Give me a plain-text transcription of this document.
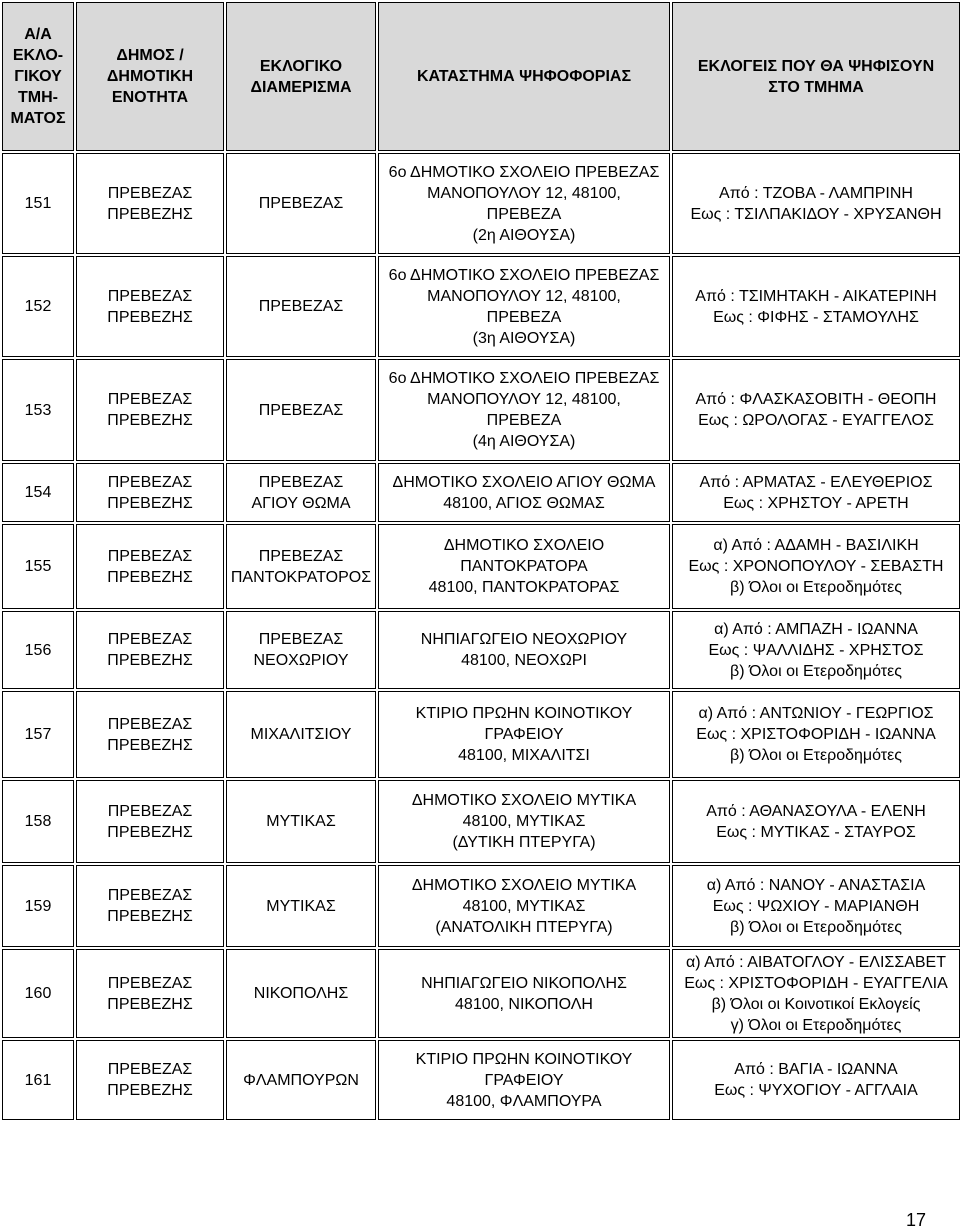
Α/Α
ΕΚΛΟ-
ΓΙΚΟΥ
ΤΜΗ-
ΜΑΤΟΣ	ΔΗΜΟΣ /
ΔΗΜΟΤΙΚΗ
ΕΝΟΤΗΤΑ	ΕΚΛΟΓΙΚΟ
ΔΙΑΜΕΡΙΣΜΑ	ΚΑΤΑΣΤΗΜΑ ΨΗΦΟΦΟΡΙΑΣ	ΕΚΛΟΓΕΙΣ ΠΟΥ ΘΑ ΨΗΦΙΣΟΥΝ
ΣΤΟ ΤΜΗΜΑ

151	ΠΡΕΒΕΖΑΣ
ΠΡΕΒΕΖΗΣ	ΠΡΕΒΕΖΑΣ	6ο ΔΗΜΟΤΙΚΟ ΣΧΟΛΕΙΟ ΠΡΕΒΕΖΑΣ
ΜΑΝΟΠΟΥΛΟΥ 12, 48100,
ΠΡΕΒΕΖΑ
(2η ΑΙΘΟΥΣΑ)	Από : ΤΖΟΒΑ - ΛΑΜΠΡΙΝΗ
Εως : ΤΣΙΛΠΑΚΙΔΟΥ - ΧΡΥΣΑΝΘΗ

152	ΠΡΕΒΕΖΑΣ
ΠΡΕΒΕΖΗΣ	ΠΡΕΒΕΖΑΣ	6ο ΔΗΜΟΤΙΚΟ ΣΧΟΛΕΙΟ ΠΡΕΒΕΖΑΣ
ΜΑΝΟΠΟΥΛΟΥ 12, 48100,
ΠΡΕΒΕΖΑ
(3η ΑΙΘΟΥΣΑ)	Από : ΤΣΙΜΗΤΑΚΗ - ΑΙΚΑΤΕΡΙΝΗ
Εως : ΦΙΦΗΣ - ΣΤΑΜΟΥΛΗΣ

153	ΠΡΕΒΕΖΑΣ
ΠΡΕΒΕΖΗΣ	ΠΡΕΒΕΖΑΣ	6ο ΔΗΜΟΤΙΚΟ ΣΧΟΛΕΙΟ ΠΡΕΒΕΖΑΣ
ΜΑΝΟΠΟΥΛΟΥ 12, 48100,
ΠΡΕΒΕΖΑ
(4η ΑΙΘΟΥΣΑ)	Από : ΦΛΑΣΚΑΣΟΒΙΤΗ - ΘΕΟΠΗ
Εως : ΩΡΟΛΟΓΑΣ - ΕΥΑΓΓΕΛΟΣ

154	ΠΡΕΒΕΖΑΣ
ΠΡΕΒΕΖΗΣ	ΠΡΕΒΕΖΑΣ
ΑΓΙΟΥ ΘΩΜΑ	ΔΗΜΟΤΙΚΟ ΣΧΟΛΕΙΟ ΑΓΙΟΥ ΘΩΜΑ
48100, ΑΓΙΟΣ ΘΩΜΑΣ	Από : ΑΡΜΑΤΑΣ - ΕΛΕΥΘΕΡΙΟΣ
Εως : ΧΡΗΣΤΟΥ - ΑΡΕΤΗ

155	ΠΡΕΒΕΖΑΣ
ΠΡΕΒΕΖΗΣ	ΠΡΕΒΕΖΑΣ
ΠΑΝΤΟΚΡΑΤΟΡΟΣ	ΔΗΜΟΤΙΚΟ ΣΧΟΛΕΙΟ
ΠΑΝΤΟΚΡΑΤΟΡΑ
48100, ΠΑΝΤΟΚΡΑΤΟΡΑΣ	α) Από : ΑΔΑΜΗ - ΒΑΣΙΛΙΚΗ
Εως : ΧΡΟΝΟΠΟΥΛΟΥ - ΣΕΒΑΣΤΗ
β) Όλοι οι Ετεροδημότες

156	ΠΡΕΒΕΖΑΣ
ΠΡΕΒΕΖΗΣ	ΠΡΕΒΕΖΑΣ
ΝΕΟΧΩΡΙΟΥ	ΝΗΠΙΑΓΩΓΕΙΟ ΝΕΟΧΩΡΙΟΥ
48100, ΝΕΟΧΩΡΙ	α) Από : ΑΜΠΑΖΗ - ΙΩΑΝΝΑ
Εως : ΨΑΛΛΙΔΗΣ - ΧΡΗΣΤΟΣ
β) Όλοι οι Ετεροδημότες

157	ΠΡΕΒΕΖΑΣ
ΠΡΕΒΕΖΗΣ	ΜΙΧΑΛΙΤΣΙΟΥ	ΚΤΙΡΙΟ ΠΡΩΗΝ ΚΟΙΝΟΤΙΚΟΥ
ΓΡΑΦΕΙΟΥ
48100, ΜΙΧΑΛΙΤΣΙ	α) Από : ΑΝΤΩΝΙΟΥ - ΓΕΩΡΓΙΟΣ
Εως : ΧΡΙΣΤΟΦΟΡΙΔΗ - ΙΩΑΝΝΑ
β) Όλοι οι Ετεροδημότες

158	ΠΡΕΒΕΖΑΣ
ΠΡΕΒΕΖΗΣ	ΜΥΤΙΚΑΣ	ΔΗΜΟΤΙΚΟ ΣΧΟΛΕΙΟ ΜΥΤΙΚΑ
48100, ΜΥΤΙΚΑΣ
(ΔΥΤΙΚΗ ΠΤΕΡΥΓΑ)	Από : ΑΘΑΝΑΣΟΥΛΑ - ΕΛΕΝΗ
Εως : ΜΥΤΙΚΑΣ - ΣΤΑΥΡΟΣ

159	ΠΡΕΒΕΖΑΣ
ΠΡΕΒΕΖΗΣ	ΜΥΤΙΚΑΣ	ΔΗΜΟΤΙΚΟ ΣΧΟΛΕΙΟ ΜΥΤΙΚΑ
48100, ΜΥΤΙΚΑΣ
(ΑΝΑΤΟΛΙΚΗ ΠΤΕΡΥΓΑ)	α) Από : ΝΑΝΟΥ - ΑΝΑΣΤΑΣΙΑ
Εως : ΨΩΧΙΟΥ - ΜΑΡΙΑΝΘΗ
β) Όλοι οι Ετεροδημότες

160	ΠΡΕΒΕΖΑΣ
ΠΡΕΒΕΖΗΣ	ΝΙΚΟΠΟΛΗΣ	ΝΗΠΙΑΓΩΓΕΙΟ ΝΙΚΟΠΟΛΗΣ
48100, ΝΙΚΟΠΟΛΗ	α) Από : ΑΙΒΑΤΟΓΛΟΥ - ΕΛΙΣΣΑΒΕΤ
Εως : ΧΡΙΣΤΟΦΟΡΙΔΗ - ΕΥΑΓΓΕΛΙΑ
β) Όλοι οι Κοινοτικοί Εκλογείς
γ) Όλοι οι Ετεροδημότες

161	ΠΡΕΒΕΖΑΣ
ΠΡΕΒΕΖΗΣ	ΦΛΑΜΠΟΥΡΩΝ	ΚΤΙΡΙΟ ΠΡΩΗΝ ΚΟΙΝΟΤΙΚΟΥ
ΓΡΑΦΕΙΟΥ
48100, ΦΛΑΜΠΟΥΡΑ	Από : ΒΑΓΙΑ - ΙΩΑΝΝΑ
Εως : ΨΥΧΟΓΙΟΥ - ΑΓΓΛΑΙΑ
17
